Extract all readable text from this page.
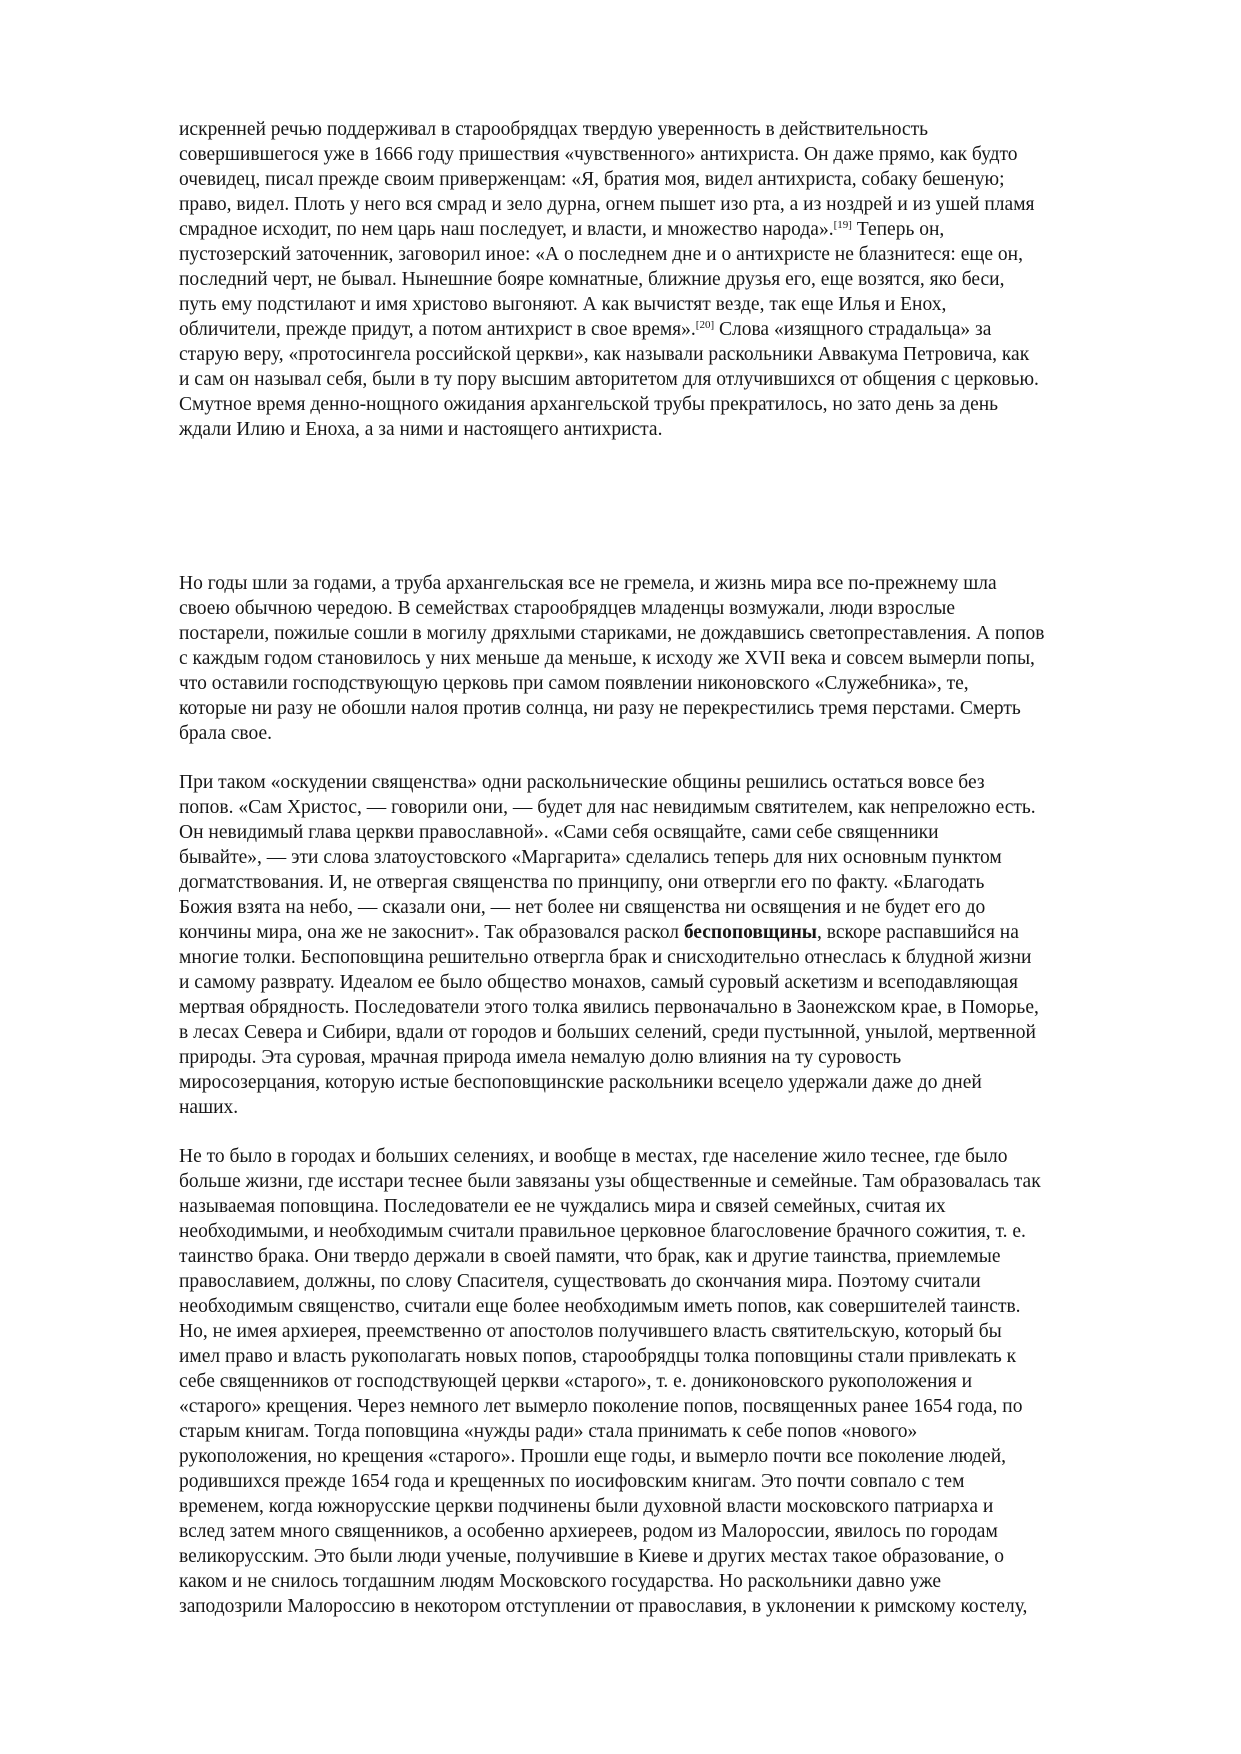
искренней речью поддерживал в старообрядцах твердую уверенность в действительность
совершившегося уже в 1666 году пришествия «чувственного» антихриста. Он даже прямо, как будто
очевидец, писал прежде своим приверженцам: «Я, братия моя, видел антихриста, собаку бешеную;
право, видел. Плоть у него вся смрад и зело дурна, огнем пышет изо рта, а из ноздрей и из ушей пламя
смрадное исходит, по нем царь наш последует, и власти, и множество народа».[19] Теперь он,
пустозерский заточенник, заговорил иное: «А о последнем дне и о антихристе не блазнитеся: еще он,
последний черт, не бывал. Нынешние бояре комнатные, ближние друзья его, еще возятся, яко беси,
путь ему подстилают и имя христово выгоняют. А как вычистят везде, так еще Илья и Енох,
обличители, прежде придут, а потом антихрист в свое время».[20] Слова «изящного страдальца» за
старую веру, «протосингела российской церкви», как называли раскольники Аввакума Петровича, как
и сам он называл себя, были в ту пору высшим авторитетом для отлучившихся от общения с церковью.
Смутное время денно-нощного ожидания архангельской трубы прекратилось, но зато день за день
ждали Илию и Еноха, а за ними и настоящего антихриста.

Но годы шли за годами, а труба архангельская все не гремела, и жизнь мира все по-прежнему шла
своею обычною чередою. В семействах старообрядцев младенцы возмужали, люди взрослые
постарели, пожилые сошли в могилу дряхлыми стариками, не дождавшись светопреставления. А попов
с каждым годом становилось у них меньше да меньше, к исходу же XVII века и совсем вымерли попы,
что оставили господствующую церковь при самом появлении никоновского «Служебника», те,
которые ни разу не обошли налоя против солнца, ни разу не перекрестились тремя перстами. Смерть
брала свое.

При таком «оскудении священства» одни раскольнические общины решились остаться вовсе без
попов. «Сам Христос, — говорили они, — будет для нас невидимым святителем, как непреложно есть.
Он невидимый глава церкви православной». «Сами себя освящайте, сами себе священники
бывайте», — эти слова златоустовского «Маргарита» сделались теперь для них основным пунктом
догматствования. И, не отвергая священства по принципу, они отвергли его по факту. «Благодать
Божия взята на небо, — сказали они, — нет более ни священства ни освящения и не будет его до
кончины мира, она же не закоснит». Так образовался раскол беспоповщины, вскоре распавшийся на
многие толки. Беспоповщина решительно отвергла брак и снисходительно отнеслась к блудной жизни
и самому разврату. Идеалом ее было общество монахов, самый суровый аскетизм и всеподавляющая
мертвая обрядность. Последователи этого толка явились первоначально в Заонежском крае, в Поморье,
в лесах Севера и Сибири, вдали от городов и больших селений, среди пустынной, унылой, мертвенной
природы. Эта суровая, мрачная природа имела немалую долю влияния на ту суровость
миросозерцания, которую истые беспоповщинские раскольники всецело удержали даже до дней
наших.

Не то было в городах и больших селениях, и вообще в местах, где население жило теснее, где было
больше жизни, где исстари теснее были завязаны узы общественные и семейные. Там образовалась так
называемая поповщина. Последователи ее не чуждались мира и связей семейных, считая их
необходимыми, и необходимым считали правильное церковное благословение брачного сожития, т. е.
таинство брака. Они твердо держали в своей памяти, что брак, как и другие таинства, приемлемые
православием, должны, по слову Спасителя, существовать до скончания мира. Поэтому считали
необходимым священство, считали еще более необходимым иметь попов, как совершителей таинств.
Но, не имея архиерея, преемственно от апостолов получившего власть святительскую, который бы
имел право и власть рукополагать новых попов, старообрядцы толка поповщины стали привлекать к
себе священников от господствующей церкви «старого», т. е. дониконовского рукоположения и
«старого» крещения. Через немного лет вымерло поколение попов, посвященных ранее 1654 года, по
старым книгам. Тогда поповщина «нужды ради» стала принимать к себе попов «нового»
рукоположения, но крещения «старого». Прошли еще годы, и вымерло почти все поколение людей,
родившихся прежде 1654 года и крещенных по иосифовским книгам. Это почти совпало с тем
временем, когда южнорусские церкви подчинены были духовной власти московского патриарха и
вслед затем много священников, а особенно архиереев, родом из Малороссии, явилось по городам
великорусским. Это были люди ученые, получившие в Киеве и других местах такое образование, о
каком и не снилось тогдашним людям Московского государства. Но раскольники давно уже
заподозрили Малороссию в некотором отступлении от православия, в уклонении к римскому костелу,
